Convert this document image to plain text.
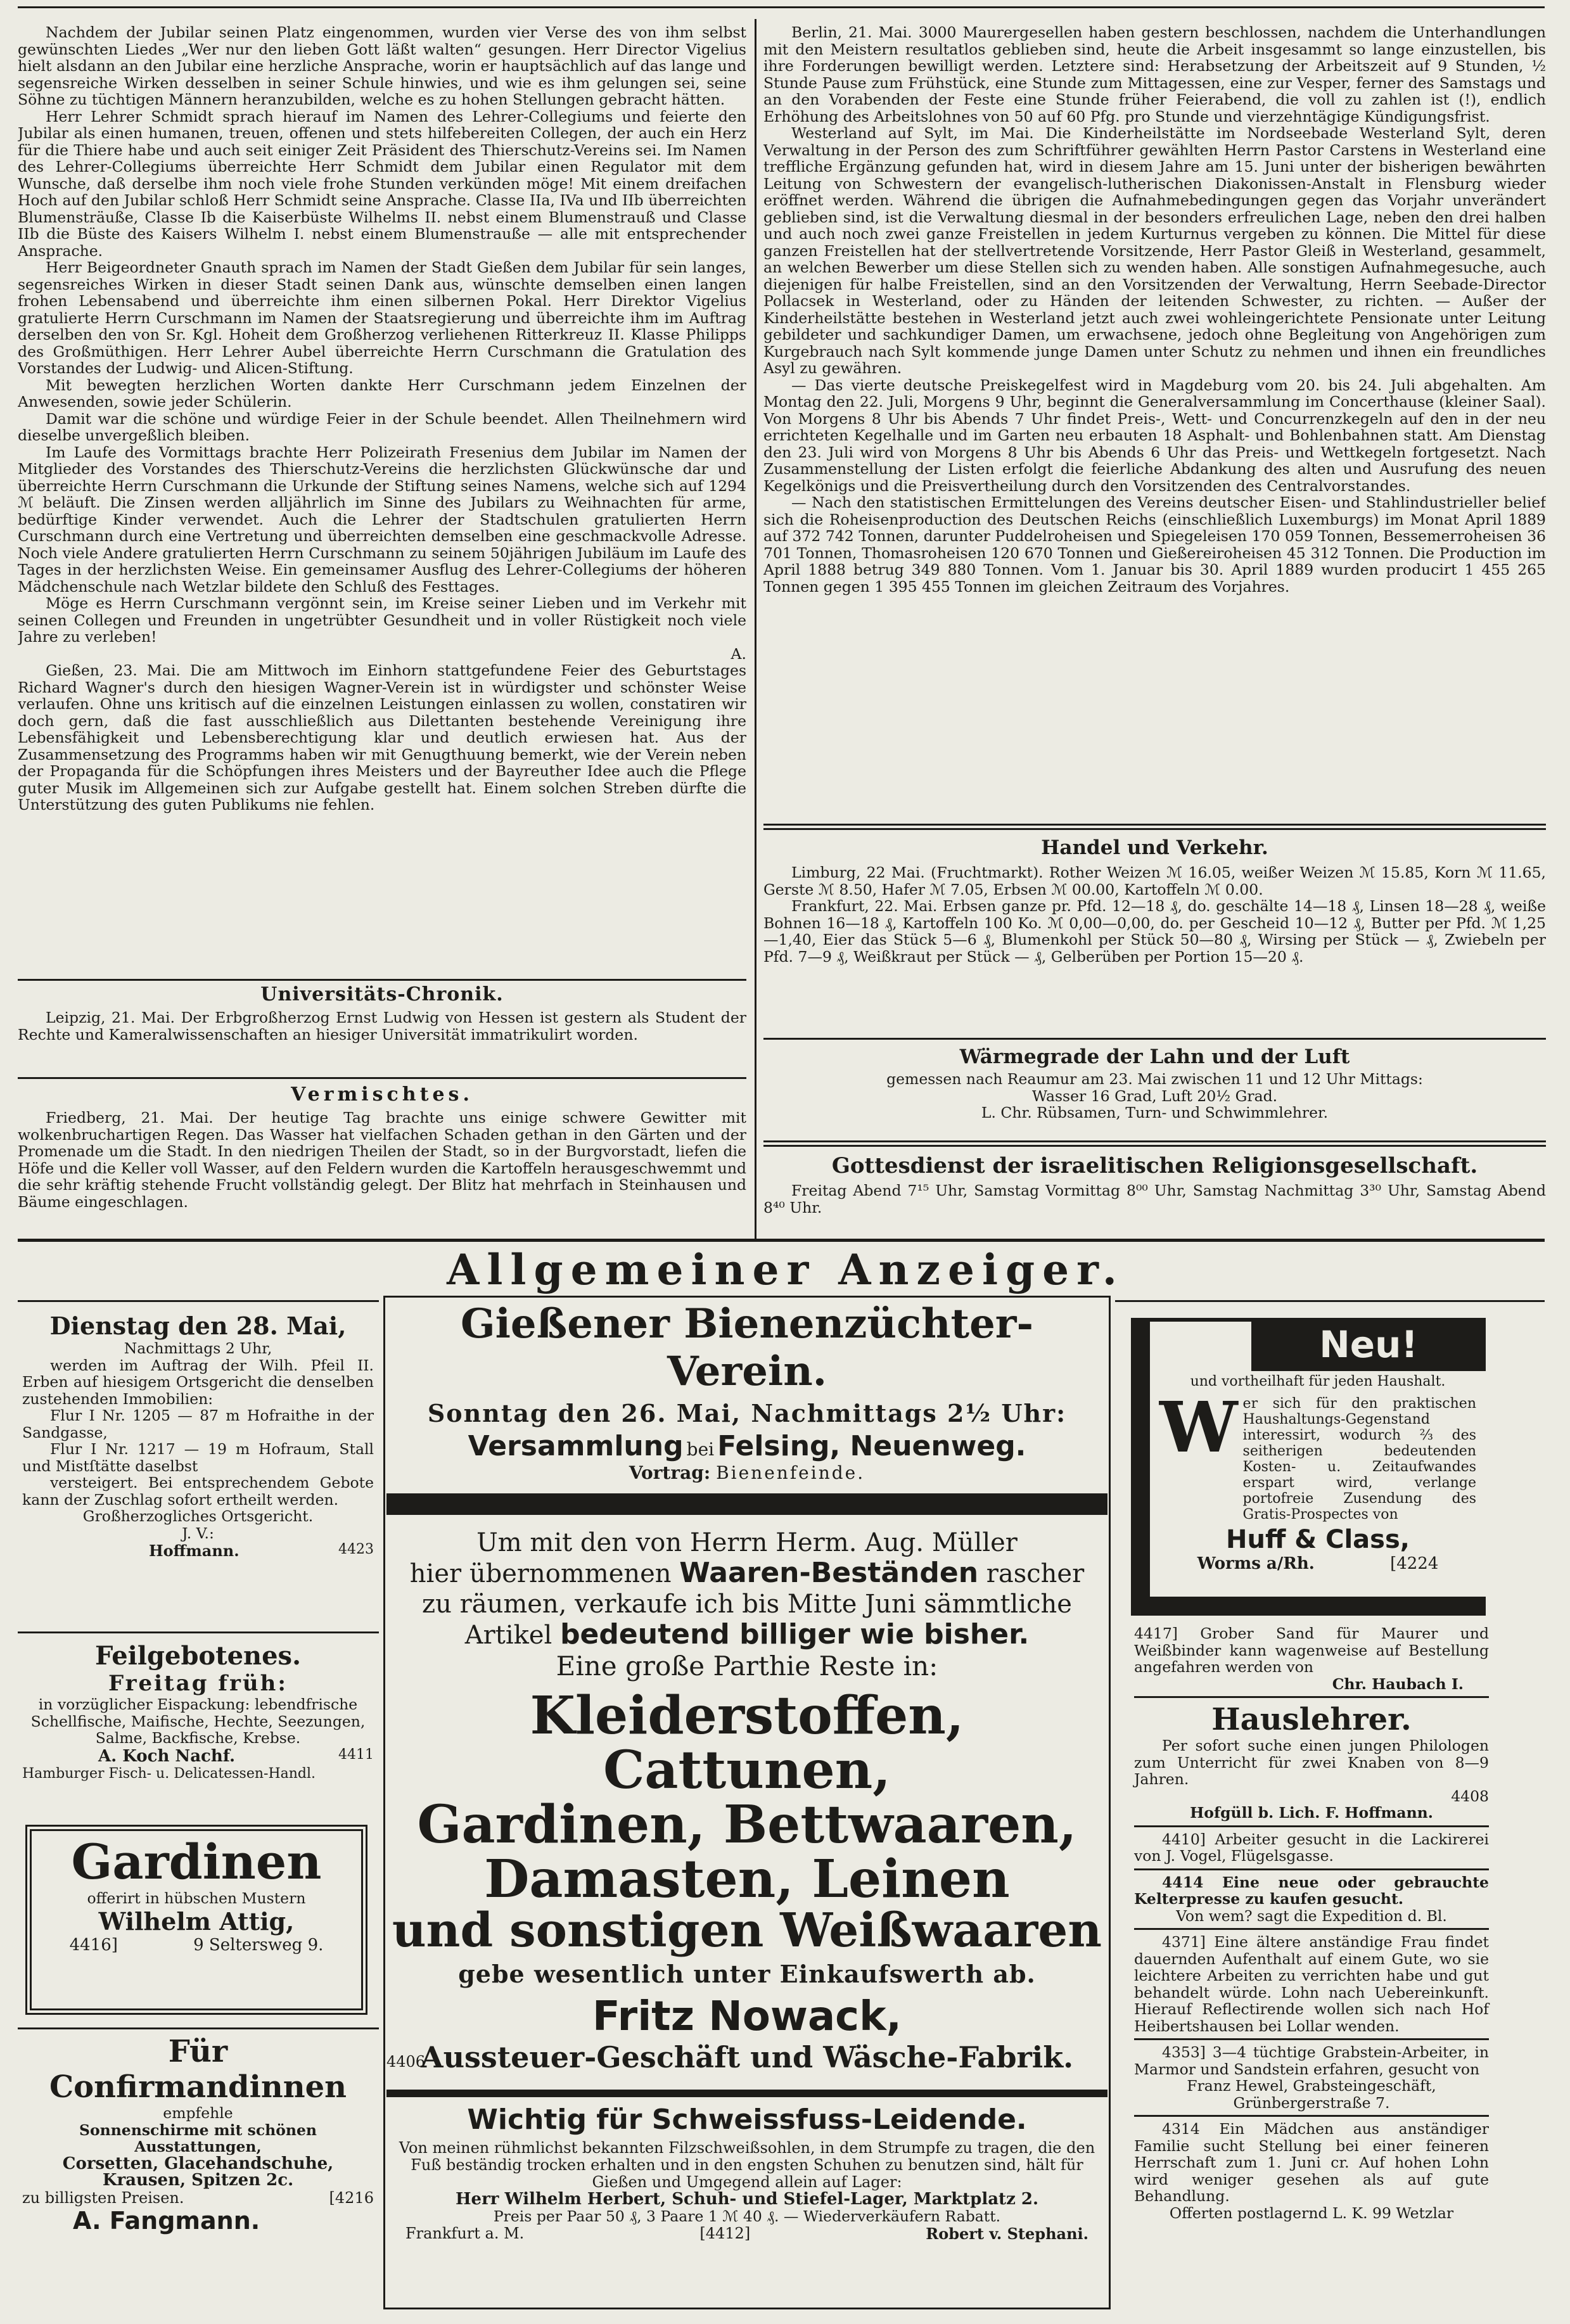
Nachdem der Jubilar seinen Platz eingenommen, wurden vier Verse des von ihm selbst gewünschten Liedes „Wer nur den lieben Gott läßt walten“ gesungen. Herr Director Vigelius hielt alsdann an den Jubilar eine herzliche Ansprache, worin er hauptsächlich auf das lange und segensreiche Wirken desselben in seiner Schule hinwies, und wie es ihm gelungen sei, seine Söhne zu tüchtigen Männern heranzubilden, welche es zu hohen Stellungen gebracht hätten.

Herr Lehrer Schmidt sprach hierauf im Namen des Lehrer-Collegiums und feierte den Jubilar als einen humanen, treuen, offenen und stets hilfebereiten Collegen, der auch ein Herz für die Thiere habe und auch seit einiger Zeit Präsident des Thierschutz-Vereins sei. Im Namen des Lehrer-Collegiums überreichte Herr Schmidt dem Jubilar einen Regulator mit dem Wunsche, daß derselbe ihm noch viele frohe Stunden verkünden möge! Mit einem dreifachen Hoch auf den Jubilar schloß Herr Schmidt seine Ansprache. Classe IIa, IVa und IIb überreichten Blumensträuße, Classe Ib die Kaiserbüste Wilhelms II. nebst einem Blumenstrauß und Classe IIb die Büste des Kaisers Wilhelm I. nebst einem Blumenstrauße — alle mit entsprechender Ansprache.

Herr Beigeordneter Gnauth sprach im Namen der Stadt Gießen dem Jubilar für sein langes, segensreiches Wirken in dieser Stadt seinen Dank aus, wünschte demselben einen langen frohen Lebensabend und überreichte ihm einen silbernen Pokal. Herr Direktor Vigelius gratulierte Herrn Curschmann im Namen der Staatsregierung und überreichte ihm im Auftrag derselben den von Sr. Kgl. Hoheit dem Großherzog verliehenen Ritterkreuz II. Klasse Philipps des Großmüthigen. Herr Lehrer Aubel überreichte Herrn Curschmann die Gratulation des Vorstandes der Ludwig- und Alicen-Stiftung.

Mit bewegten herzlichen Worten dankte Herr Curschmann jedem Einzelnen der Anwesenden, sowie jeder Schülerin.

Damit war die schöne und würdige Feier in der Schule beendet. Allen Theilnehmern wird dieselbe unvergeßlich bleiben.

Im Laufe des Vormittags brachte Herr Polizeirath Fresenius dem Jubilar im Namen der Mitglieder des Vorstandes des Thierschutz-Vereins die herzlichsten Glückwünsche dar und überreichte Herrn Curschmann die Urkunde der Stiftung seines Namens, welche sich auf 1294 ℳ beläuft. Die Zinsen werden alljährlich im Sinne des Jubilars zu Weihnachten für arme, bedürftige Kinder verwendet. Auch die Lehrer der Stadtschulen gratulierten Herrn Curschmann durch eine Vertretung und überreichten demselben eine geschmackvolle Adresse. Noch viele Andere gratulierten Herrn Curschmann zu seinem 50jährigen Jubiläum im Laufe des Tages in der herzlichsten Weise. Ein gemeinsamer Ausflug des Lehrer-Collegiums der höheren Mädchenschule nach Wetzlar bildete den Schluß des Festtages.

Möge es Herrn Curschmann vergönnt sein, im Kreise seiner Lieben und im Verkehr mit seinen Collegen und Freunden in ungetrübter Gesundheit und in voller Rüstigkeit noch viele Jahre zu verleben!

A.

Gießen, 23. Mai. Die am Mittwoch im Einhorn stattgefundene Feier des Geburtstages Richard Wagner's durch den hiesigen Wagner-Verein ist in würdigster und schönster Weise verlaufen. Ohne uns kritisch auf die einzelnen Leistungen einlassen zu wollen, constatiren wir doch gern, daß die fast ausschließlich aus Dilettanten bestehende Vereinigung ihre Lebensfähigkeit und Lebensberechtigung klar und deutlich erwiesen hat. Aus der Zusammensetzung des Programms haben wir mit Genugthuung bemerkt, wie der Verein neben der Propaganda für die Schöpfungen ihres Meisters und der Bayreuther Idee auch die Pflege guter Musik im Allgemeinen sich zur Aufgabe gestellt hat. Einem solchen Streben dürfte die Unterstützung des guten Publikums nie fehlen.

Universitäts-Chronik.

Leipzig, 21. Mai. Der Erbgroßherzog Ernst Ludwig von Hessen ist gestern als Student der Rechte und Kameralwissenschaften an hiesiger Universität immatrikulirt worden.

Vermischtes.

Friedberg, 21. Mai. Der heutige Tag brachte uns einige schwere Gewitter mit wolkenbruchartigen Regen. Das Wasser hat vielfachen Schaden gethan in den Gärten und der Promenade um die Stadt. In den niedrigen Theilen der Stadt, so in der Burgvorstadt, liefen die Höfe und die Keller voll Wasser, auf den Feldern wurden die Kartoffeln herausgeschwemmt und die sehr kräftig stehende Frucht vollständig gelegt. Der Blitz hat mehrfach in Steinhausen und Bäume eingeschlagen.

Berlin, 21. Mai. 3000 Maurergesellen haben gestern beschlossen, nachdem die Unterhandlungen mit den Meistern resultatlos geblieben sind, heute die Arbeit insgesammt so lange einzustellen, bis ihre Forderungen bewilligt werden. Letztere sind: Herabsetzung der Arbeitszeit auf 9 Stunden, ½ Stunde Pause zum Frühstück, eine Stunde zum Mittagessen, eine zur Vesper, ferner des Samstags und an den Vorabenden der Feste eine Stunde früher Feierabend, die voll zu zahlen ist (!), endlich Erhöhung des Arbeitslohnes von 50 auf 60 Pfg. pro Stunde und vierzehntägige Kündigungsfrist.

Westerland auf Sylt, im Mai. Die Kinderheilstätte im Nordseebade Westerland Sylt, deren Verwaltung in der Person des zum Schriftführer gewählten Herrn Pastor Carstens in Westerland eine treffliche Ergänzung gefunden hat, wird in diesem Jahre am 15. Juni unter der bisherigen bewährten Leitung von Schwestern der evangelisch-lutherischen Diakonissen-Anstalt in Flensburg wieder eröffnet werden. Während die übrigen die Aufnahmebedingungen gegen das Vorjahr unverändert geblieben sind, ist die Verwaltung diesmal in der besonders erfreulichen Lage, neben den drei halben und auch noch zwei ganze Freistellen in jedem Kurturnus vergeben zu können. Die Mittel für diese ganzen Freistellen hat der stellvertretende Vorsitzende, Herr Pastor Gleiß in Westerland, gesammelt, an welchen Bewerber um diese Stellen sich zu wenden haben. Alle sonstigen Aufnahmegesuche, auch diejenigen für halbe Freistellen, sind an den Vorsitzenden der Verwaltung, Herrn Seebade-Director Pollacsek in Westerland, oder zu Händen der leitenden Schwester, zu richten. — Außer der Kinderheilstätte bestehen in Westerland jetzt auch zwei wohleingerichtete Pensionate unter Leitung gebildeter und sachkundiger Damen, um erwachsene, jedoch ohne Begleitung von Angehörigen zum Kurgebrauch nach Sylt kommende junge Damen unter Schutz zu nehmen und ihnen ein freundliches Asyl zu gewähren.

— Das vierte deutsche Preiskegelfest wird in Magdeburg vom 20. bis 24. Juli abgehalten. Am Montag den 22. Juli, Morgens 9 Uhr, beginnt die Generalversammlung im Concerthause (kleiner Saal). Von Morgens 8 Uhr bis Abends 7 Uhr findet Preis-, Wett- und Concurrenzkegeln auf den in der neu errichteten Kegelhalle und im Garten neu erbauten 18 Asphalt- und Bohlenbahnen statt. Am Dienstag den 23. Juli wird von Morgens 8 Uhr bis Abends 6 Uhr das Preis- und Wettkegeln fortgesetzt. Nach Zusammenstellung der Listen erfolgt die feierliche Abdankung des alten und Ausrufung des neuen Kegelkönigs und die Preisvertheilung durch den Vorsitzenden des Centralvorstandes.

— Nach den statistischen Ermittelungen des Vereins deutscher Eisen- und Stahlindustrieller belief sich die Roheisenproduction des Deutschen Reichs (einschließlich Luxemburgs) im Monat April 1889 auf 372 742 Tonnen, darunter Puddelroheisen und Spiegeleisen 170 059 Tonnen, Bessemerroheisen 36 701 Tonnen, Thomasroheisen 120 670 Tonnen und Gießereiroheisen 45 312 Tonnen. Die Production im April 1888 betrug 349 880 Tonnen. Vom 1. Januar bis 30. April 1889 wurden producirt 1 455 265 Tonnen gegen 1 395 455 Tonnen im gleichen Zeitraum des Vorjahres.

Handel und Verkehr.

Limburg, 22 Mai. (Fruchtmarkt). Rother Weizen ℳ 16.05, weißer Weizen ℳ 15.85, Korn ℳ 11.65, Gerste ℳ 8.50, Hafer ℳ 7.05, Erbsen ℳ 00.00, Kartoffeln ℳ 0.00.

Frankfurt, 22. Mai. Erbsen ganze pr. Pfd. 12—18 ₰, do. geschälte 14—18 ₰, Linsen 18—28 ₰, weiße Bohnen 16—18 ₰, Kartoffeln 100 Ko. ℳ 0,00—0,00, do. per Gescheid 10—12 ₰, Butter per Pfd. ℳ 1,25—1,40, Eier das Stück 5—6 ₰, Blumenkohl per Stück 50—80 ₰, Wirsing per Stück — ₰, Zwiebeln per Pfd. 7—9 ₰, Weißkraut per Stück — ₰, Gelberüben per Portion 15—20 ₰.

Wärmegrade der Lahn und der Luft

gemessen nach Reaumur am 23. Mai zwischen 11 und 12 Uhr Mittags:

Wasser 16 Grad, Luft 20½ Grad.

L. Chr. Rübsamen, Turn- und Schwimmlehrer.

Gottesdienst der israelitischen Religionsgesellschaft.

Freitag Abend 7¹⁵ Uhr, Samstag Vormittag 8⁰⁰ Uhr, Samstag Nachmittag 3³⁰ Uhr, Samstag Abend 8⁴⁰ Uhr.

Allgemeiner Anzeiger.

Dienstag den 28. Mai,

Nachmittags 2 Uhr,

werden im Auftrag der Wilh. Pfeil II. Erben auf hiesigem Ortsgericht die denselben zustehenden Immobilien:

Flur I Nr. 1205 — 87 m Hofraithe in der Sandgasse,

Flur I Nr. 1217 — 19 m Hofraum, Stall und Mistſtätte daselbst

versteigert. Bei entsprechendem Gebote kann der Zuschlag sofort ertheilt werden.

Großherzogliches Ortsgericht.

J. V.:

Hoffmann.	4423

Feilgebotenes.

Freitag früh:

in vorzüglicher Eispackung: lebendfrische Schellfische, Maifische, Hechte, Seezungen, Salme, Backfische, Krebse.

A. Koch Nachf.	4411

Hamburger Fisch- u. Delicatessen-Handl.

Gardinen

offerirt in hübschen Mustern

Wilhelm Attig,

4416]	9 Seltersweg 9.

Für Confirmandinnen

empfehle

Sonnenschirme mit schönen Ausstattungen,

Corsetten, Glacehandschuhe, Krausen, Spitzen 2c.

zu billigsten Preisen.	[4216

A. Fangmann.

Gießener Bienenzüchter-Verein.

Sonntag den 26. Mai, Nachmittags 2½ Uhr:

Versammlung bei Felsing, Neuenweg.
Vortrag: Bienenfeinde.

Um mit den von Herrn Herm. Aug. Müller

hier übernommenen Waaren-Beständen rascher

zu räumen, verkaufe ich bis Mitte Juni sämmtliche

Artikel bedeutend billiger wie bisher.

Eine große Parthie Reste in:

Kleiderstoffen, Cattunen,

Gardinen, Bettwaaren,

Damasten, Leinen

und sonstigen Weißwaaren

gebe wesentlich unter Einkaufswerth ab.

Fritz Nowack,

4406

Aussteuer-Geschäft und Wäsche-Fabrik.

Wichtig für Schweissfuss-Leidende.

Von meinen rühmlichst bekannten Filzschweißsohlen, in dem Strumpfe zu tragen, die den Fuß beständig trocken erhalten und in den engsten Schuhen zu benutzen sind, hält für Gießen und Umgegend allein auf Lager:

Herr Wilhelm Herbert, Schuh- und Stiefel-Lager, Marktplatz 2.

Preis per Paar 50 ₰, 3 Paare 1 ℳ 40 ₰. — Wiederverkäufern Rabatt.

Frankfurt a. M.	[4412]	Robert v. Stephani.

Neu!

und vortheilhaft für jeden Haushalt.

W er sich für den praktischen Haushaltungs-Gegenstand interessirt, wodurch ⅔ des seitherigen bedeutenden Kosten- u. Zeitaufwandes erspart wird, verlange portofreie Zusendung des Gratis-Prospectes von

Huff & Class,

Worms a/Rh.	[4224

4417] Grober Sand für Maurer und Weißbinder kann wagenweise auf Bestellung angefahren werden von

Chr. Haubach I.

Hauslehrer.

Per sofort suche einen jungen Philologen zum Unterricht für zwei Knaben von 8—9 Jahren.

4408

Hofgüll b. Lich. F. Hoffmann.

4410] Arbeiter gesucht in die Lackirerei von J. Vogel, Flügelsgasse.

4414 Eine neue oder gebrauchte Kelterpresse zu kaufen gesucht.

Von wem? sagt die Expedition d. Bl.

4371] Eine ältere anständige Frau findet dauernden Aufenthalt auf einem Gute, wo sie leichtere Arbeiten zu verrichten habe und gut behandelt würde. Lohn nach Uebereinkunft. Hierauf Reflectirende wollen sich nach Hof Heibertshausen bei Lollar wenden.

4353] 3—4 tüchtige Grabstein-Arbeiter, in Marmor und Sandstein erfahren, gesucht von

Franz Hewel, Grabsteingeschäft, Grünbergerstraße 7.

4314 Ein Mädchen aus anständiger Familie sucht Stellung bei einer feineren Herrschaft zum 1. Juni cr. Auf hohen Lohn wird weniger gesehen als auf gute Behandlung.

Offerten postlagernd L. K. 99 Wetzlar
